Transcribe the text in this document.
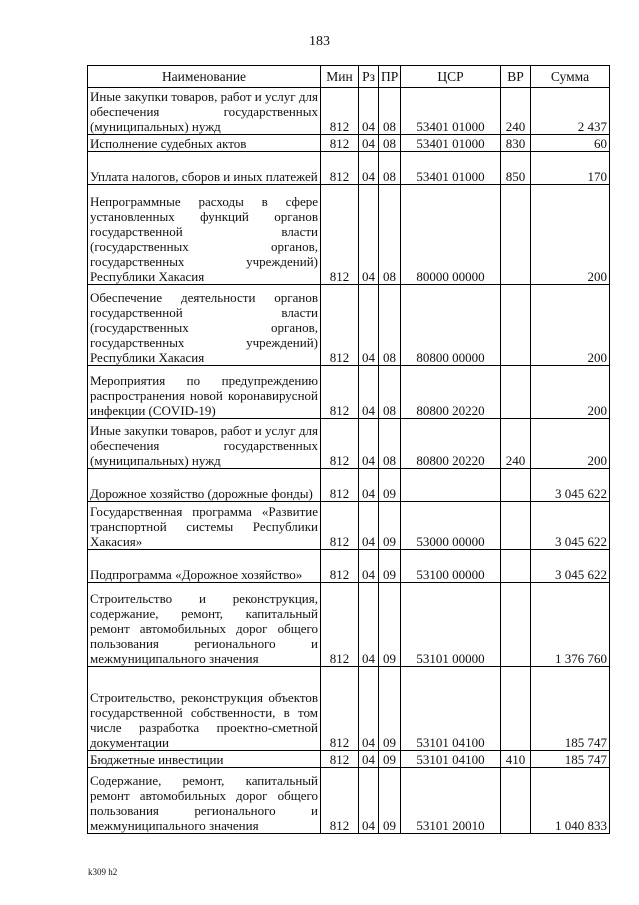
183
Наименование	Мин	Рз	ПР	ЦСР	ВР	Сумма
Иные закупки товаров, работ и услуг для обеспечения государственных (муниципальных) нужд	812	04	08	53401 01000	240	2 437
Исполнение судебных актов	812	04	08	53401 01000	830	60
Уплата налогов, сборов и иных платежей	812	04	08	53401 01000	850	170
Непрограммные расходы в сфере установленных функций органов государственной власти (государственных органов, государственных учреждений) Республики Хакасия	812	04	08	80000 00000		200
Обеспечение деятельности органов государственной власти (государственных органов, государственных учреждений) Республики Хакасия	812	04	08	80800 00000		200
Мероприятия по предупреждению распространения новой коронавирусной инфекции (COVID-19)	812	04	08	80800 20220		200
Иные закупки товаров, работ и услуг для обеспечения государственных (муниципальных) нужд	812	04	08	80800 20220	240	200
Дорожное хозяйство (дорожные фонды)	812	04	09			3 045 622
Государственная программа «Развитие транспортной системы Республики Хакасия»	812	04	09	53000 00000		3 045 622
Подпрограмма «Дорожное хозяйство»	812	04	09	53100 00000		3 045 622
Строительство и реконструкция, содержание, ремонт, капитальный ремонт автомобильных дорог общего пользования регионального и межмуниципального значения	812	04	09	53101 00000		1 376 760
Строительство, реконструкция объектов государственной собственности, в том числе разработка проектно-сметной документации	812	04	09	53101 04100		185 747
Бюджетные инвестиции	812	04	09	53101 04100	410	185 747
Содержание, ремонт, капитальный ремонт автомобильных дорог общего пользования регионального и межмуниципального значения	812	04	09	53101 20010		1 040 833
k309 h2
